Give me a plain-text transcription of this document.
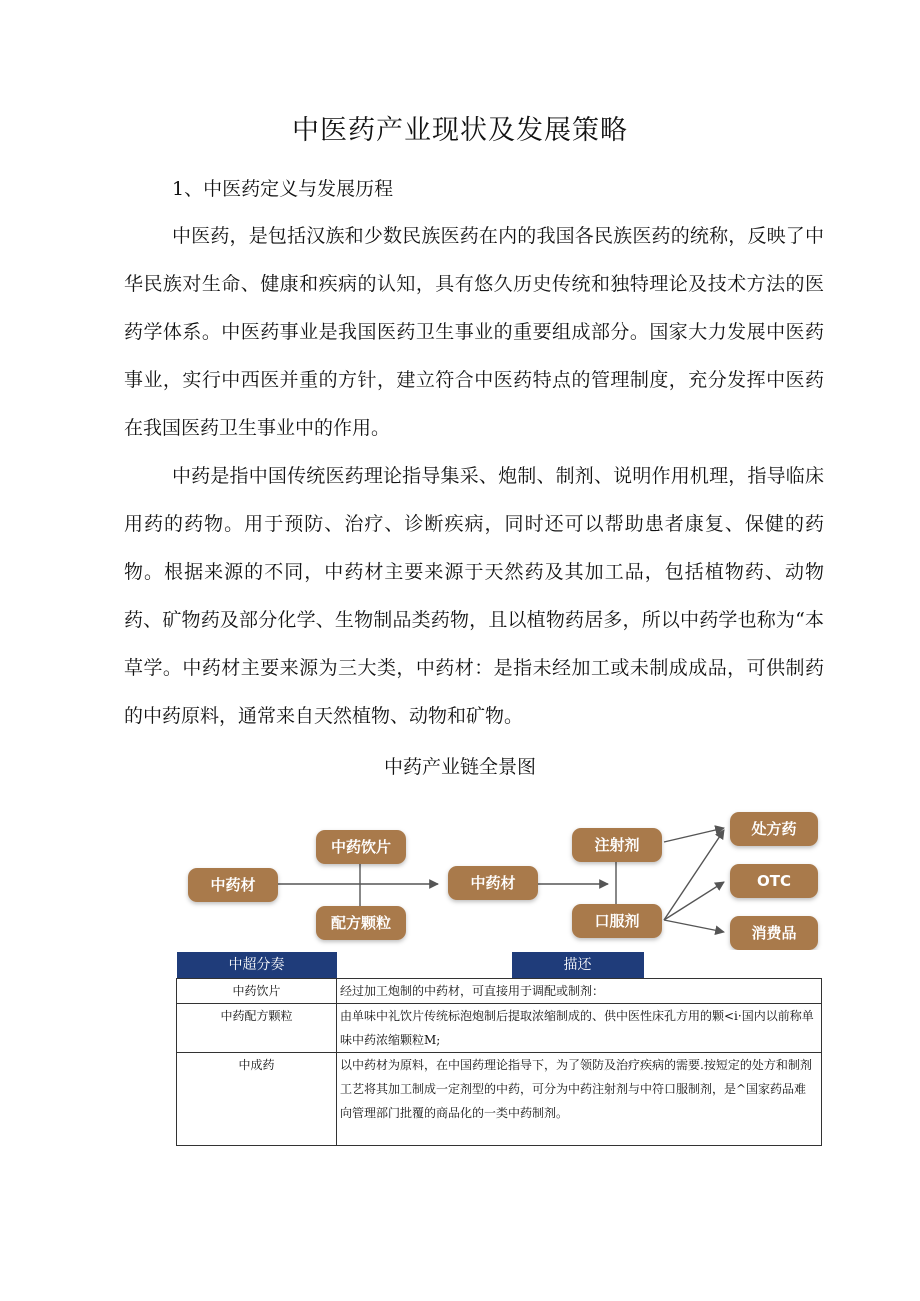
中医药产业现状及发展策略
1、中医药定义与发展历程

中医药，是包括汉族和少数民族医药在内的我国各民族医药的统称，反映了中华民族对生命、健康和疾病的认知，具有悠久历史传统和独特理论及技术方法的医药学体系。中医药事业是我国医药卫生事业的重要组成部分。国家大力发展中医药事业，实行中西医并重的方针，建立符合中医药特点的管理制度，充分发挥中医药在我国医药卫生事业中的作用。

中药是指中国传统医药理论指导集采、炮制、制剂、说明作用机理，指导临床用药的药物。用于预防、治疗、诊断疾病，同时还可以帮助患者康复、保健的药物。根据来源的不同，中药材主要来源于天然药及其加工品，包括植物药、动物药、矿物药及部分化学、生物制品类药物，且以植物药居多，所以中药学也称为“本草学。中药材主要来源为三大类，中药材：是指未经加工或未制成成品，可供制药的中药原料，通常来自天然植物、动物和矿物。

中药产业链全景图
中药材
中药饮片
配方颗粒
中药材
注射剂
口服剂
处方药
OTC
消费品
中超分奏	描还
中药饮片	经过加工炮制的中药材，可直接用于调配或制剂：
中药配方颗粒	由单味中礼饮片传统标泡炮制后提取浓缩制成的、供中医性床孔方用的颗<i·国内以前称单味中药浓缩颗粒M;
中成药	以中药材为原料，在中国药理论指导下，为了领防及治疗疾病的需要.按短定的处方和制剂工艺将其加工制成一定剂型的中药，可分为中药注射剂与中符口服制剂，是^国家药品难向管理部门批覆的商品化的一类中药制剂。
